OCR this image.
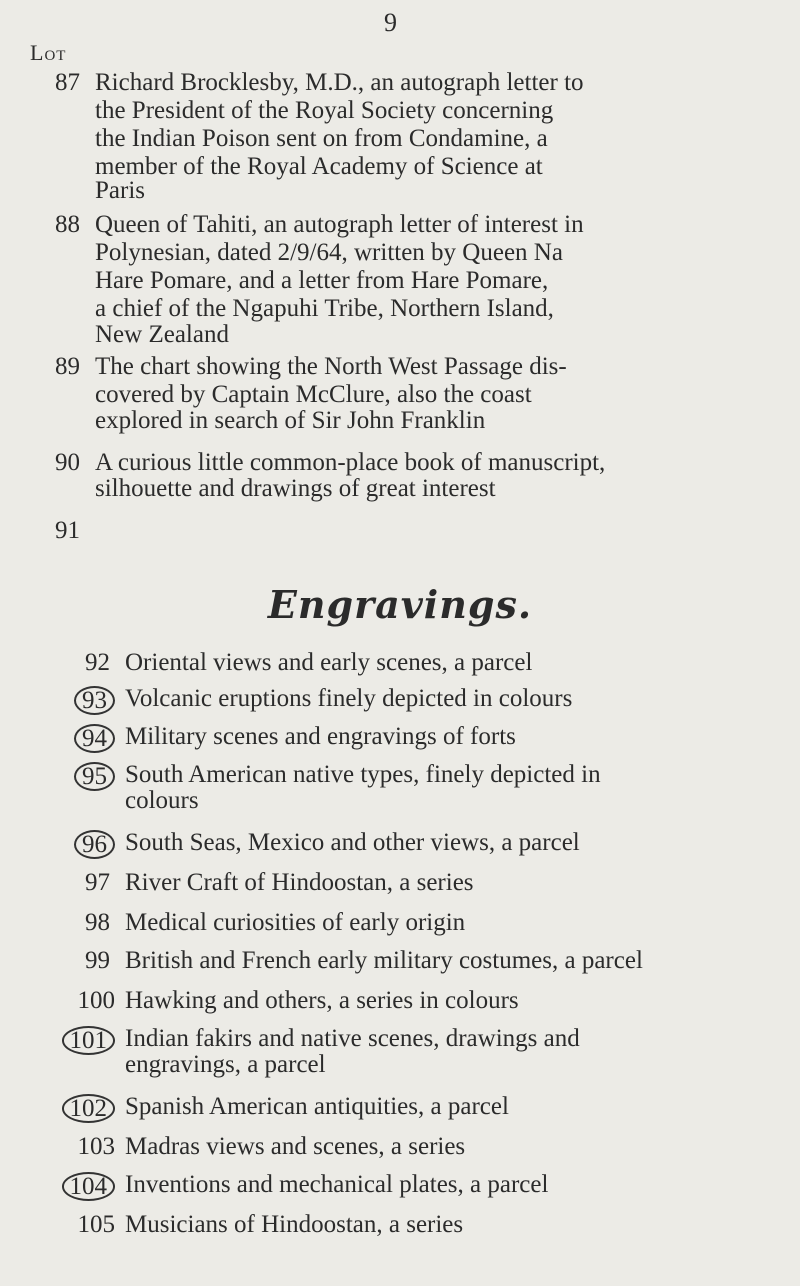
9
Lot
87 Richard Brocklesby, M.D., an autograph letter to
the President of the Royal Society concerning
the Indian Poison sent on from Condamine, a
member of the Royal Academy of Science at
Paris
88 Queen of Tahiti, an autograph letter of interest in
Polynesian, dated 2/9/64, written by Queen Na
Hare Pomare, and a letter from Hare Pomare,
a chief of the Ngapuhi Tribe, Northern Island,
New Zealand
89 The chart showing the North West Passage dis-
covered by Captain McClure, also the coast
explored in search of Sir John Franklin
90 A curious little common-place book of manuscript,
silhouette and drawings of great interest
91
Engravings.
92 Oriental views and early scenes, a parcel
93 Volcanic eruptions finely depicted in colours
94 Military scenes and engravings of forts
95 South American native types, finely depicted in
colours
96 South Seas, Mexico and other views, a parcel
97 River Craft of Hindoostan, a series
98 Medical curiosities of early origin
99 British and French early military costumes, a parcel
100 Hawking and others, a series in colours
101 Indian fakirs and native scenes, drawings and
engravings, a parcel
102 Spanish American antiquities, a parcel
103 Madras views and scenes, a series
104 Inventions and mechanical plates, a parcel
105 Musicians of Hindoostan, a series
